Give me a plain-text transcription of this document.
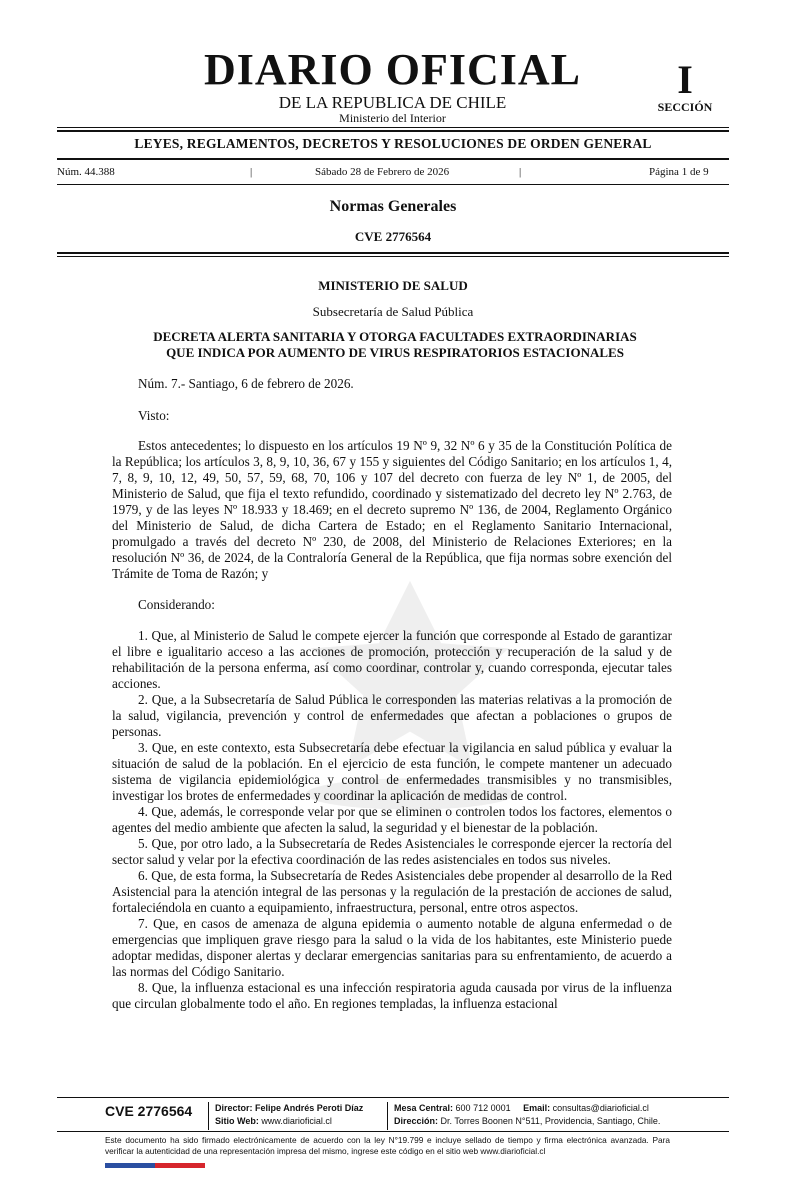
DIARIO OFICIAL
DE LA REPUBLICA DE CHILE
Ministerio del Interior
I
SECCIÓN
LEYES, REGLAMENTOS, DECRETOS Y RESOLUCIONES DE ORDEN GENERAL
Núm. 44.388	|	Sábado 28 de Febrero de 2026	|	Página 1 de 9
Normas Generales
CVE 2776564
MINISTERIO DE SALUD
Subsecretaría de Salud Pública
DECRETA ALERTA SANITARIA Y OTORGA FACULTADES EXTRAORDINARIAS
QUE INDICA POR AUMENTO DE VIRUS RESPIRATORIOS ESTACIONALES

Núm. 7.- Santiago, 6 de febrero de 2026.

Visto:

Estos antecedentes; lo dispuesto en los artículos 19 Nº 9, 32 Nº 6 y 35 de la Constitución Política de la República; los artículos 3, 8, 9, 10, 36, 67 y 155 y siguientes del Código Sanitario; en los artículos 1, 4, 7, 8, 9, 10, 12, 49, 50, 57, 59, 68, 70, 106 y 107 del decreto con fuerza de ley Nº 1, de 2005, del Ministerio de Salud, que fija el texto refundido, coordinado y sistematizado del decreto ley Nº 2.763, de 1979, y de las leyes Nº 18.933 y 18.469; en el decreto supremo Nº 136, de 2004, Reglamento Orgánico del Ministerio de Salud, de dicha Cartera de Estado; en el Reglamento Sanitario Internacional, promulgado a través del decreto Nº 230, de 2008, del Ministerio de Relaciones Exteriores; en la resolución Nº 36, de 2024, de la Contraloría General de la República, que fija normas sobre exención del Trámite de Toma de Razón; y

Considerando:

1. Que, al Ministerio de Salud le compete ejercer la función que corresponde al Estado de garantizar el libre e igualitario acceso a las acciones de promoción, protección y recuperación de la salud y de rehabilitación de la persona enferma, así como coordinar, controlar y, cuando corresponda, ejecutar tales acciones.

2. Que, a la Subsecretaría de Salud Pública le corresponden las materias relativas a la promoción de la salud, vigilancia, prevención y control de enfermedades que afectan a poblaciones o grupos de personas.

3. Que, en este contexto, esta Subsecretaría debe efectuar la vigilancia en salud pública y evaluar la situación de salud de la población. En el ejercicio de esta función, le compete mantener un adecuado sistema de vigilancia epidemiológica y control de enfermedades transmisibles y no transmisibles, investigar los brotes de enfermedades y coordinar la aplicación de medidas de control.

4. Que, además, le corresponde velar por que se eliminen o controlen todos los factores, elementos o agentes del medio ambiente que afecten la salud, la seguridad y el bienestar de la población.

5. Que, por otro lado, a la Subsecretaría de Redes Asistenciales le corresponde ejercer la rectoría del sector salud y velar por la efectiva coordinación de las redes asistenciales en todos sus niveles.

6. Que, de esta forma, la Subsecretaría de Redes Asistenciales debe propender al desarrollo de la Red Asistencial para la atención integral de las personas y la regulación de la prestación de acciones de salud, fortaleciéndola en cuanto a equipamiento, infraestructura, personal, entre otros aspectos.

7. Que, en casos de amenaza de alguna epidemia o aumento notable de alguna enfermedad o de emergencias que impliquen grave riesgo para la salud o la vida de los habitantes, este Ministerio puede adoptar medidas, disponer alertas y declarar emergencias sanitarias para su enfrentamiento, de acuerdo a las normas del Código Sanitario.

8. Que, la influenza estacional es una infección respiratoria aguda causada por virus de la influenza que circulan globalmente todo el año. En regiones templadas, la influenza estacional

CVE 2776564	Director: Felipe Andrés Peroti Díaz
Sitio Web: www.diarioficial.cl
Mesa Central: 600 712 0001 Email: consultas@diarioficial.cl
Dirección: Dr. Torres Boonen N°511, Providencia, Santiago, Chile.
Este documento ha sido firmado electrónicamente de acuerdo con la ley N°19.799 e incluye sellado de tiempo y firma electrónica avanzada. Para verificar la autenticidad de una representación impresa del mismo, ingrese este código en el sitio web www.diarioficial.cl
